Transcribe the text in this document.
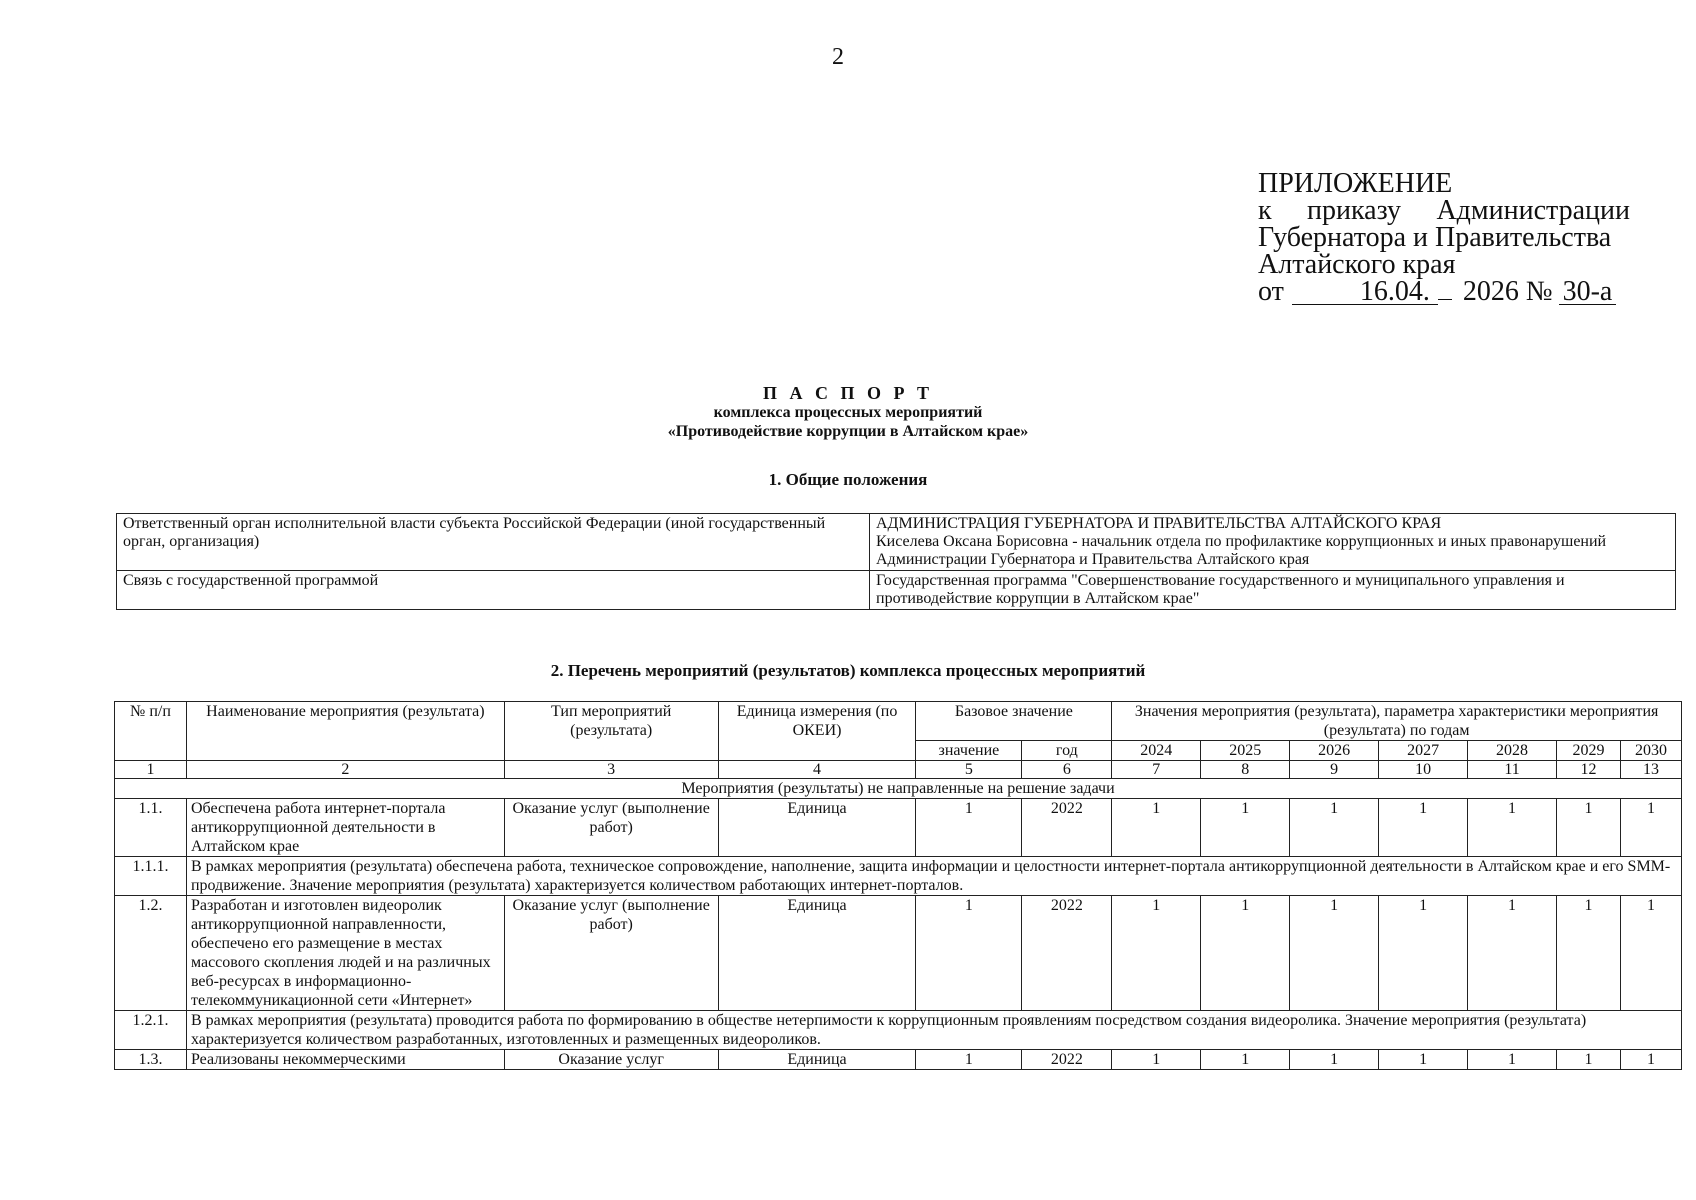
2
ПРИЛОЖЕНИЕ
к приказу Администрации
Губернатора и Правительства
Алтайского края
от	16.04. 2026 № 30-а
П А С П О Р Т
комплекса процессных мероприятий
«Противодействие коррупции в Алтайском крае»
1. Общие положения
Ответственный орган исполнительной власти субъекта Российской Федерации (иной государственный орган, организация)	АДМИНИСТРАЦИЯ ГУБЕРНАТОРА И ПРАВИТЕЛЬСТВА АЛТАЙСКОГО КРАЯ
Киселева Оксана Борисовна - начальник отдела по профилактике коррупционных и иных правонарушений Администрации Губернатора и Правительства Алтайского края

Связь с государственной программой	Государственная программа "Совершенствование государственного и муниципального управления и противодействие коррупции в Алтайском крае"
2. Перечень мероприятий (результатов) комплекса процессных мероприятий
№ п/п	Наименование мероприятия (результата)	Тип мероприятий (результата)	Единица измерения (по ОКЕИ)	Базовое значение		Значения мероприятия (результата), параметра характеристики мероприятия (результата) по годам						
				значение	год	2024	2025	2026	2027	2028	2029	2030
1	2	3	4	5	6	7	8	9	10	11	12	13
Мероприятия (результаты) не направленные на решение задачи												
1.1.	Обеспечена работа интернет-портала антикоррупционной деятельности в Алтайском крае	Оказание услуг (выполнение работ)	Единица	1	2022	1	1	1	1	1	1	1
1.1.1.	В рамках мероприятия (результата) обеспечена работа, техническое сопровождение, наполнение, защита информации и целостности интернет-портала антикоррупционной деятельности в Алтайском крае и его SMM-продвижение. Значение мероприятия (результата) характеризуется количеством работающих интернет-порталов.											
1.2.	Разработан и изготовлен видеоролик антикоррупционной направленности, обеспечено его размещение в местах массового скопления людей и на различных веб-ресурсах в информационно-телекоммуникационной сети «Интернет»	Оказание услуг (выполнение работ)	Единица	1	2022	1	1	1	1	1	1	1
1.2.1.	В рамках мероприятия (результата) проводится работа по формированию в обществе нетерпимости к коррупционным проявлениям посредством создания видеоролика. Значение мероприятия (результата) характеризуется количеством разработанных, изготовленных и размещенных видеороликов.											
1.3.	Реализованы некоммерческими	Оказание услуг	Единица	1	2022	1	1	1	1	1	1	1
